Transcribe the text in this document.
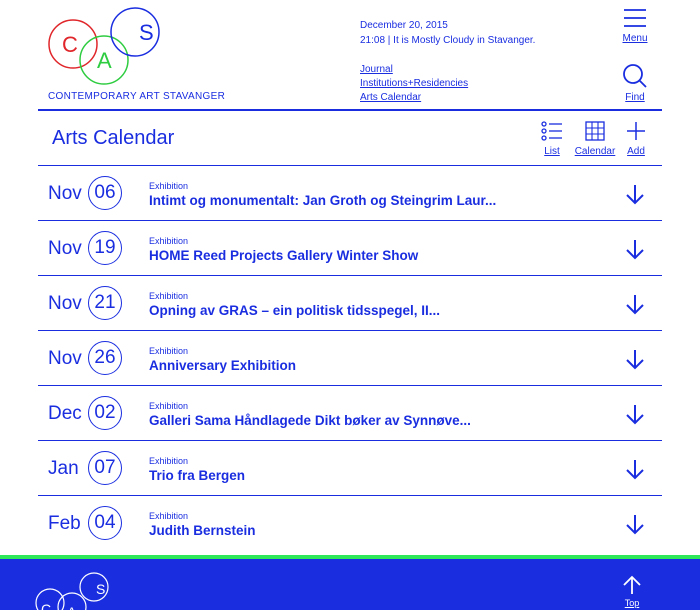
C
A
S
CONTEMPORARY ART STAVANGER
December 20, 2015
21:08 | It is Mostly Cloudy in Stavanger.
Journal
Institutions+Residencies
Arts Calendar
Menu
Find
Arts Calendar
List	Calendar	Add
Nov 06	Exhibition
Intimt og monumentalt: Jan Groth og Steingrim Laur...
Nov 19	Exhibition
HOME Reed Projects Gallery Winter Show
Nov 21	Exhibition
Opning av GRAS – ein politisk tidsspegel, II...
Nov 26	Exhibition
Anniversary Exhibition
Dec 02	Exhibition
Galleri Sama Håndlagede Dikt bøker av Synnøve...
Jan 07	Exhibition
Trio fra Bergen
Feb 04	Exhibition
Judith Bernstein
C A
S
Top
